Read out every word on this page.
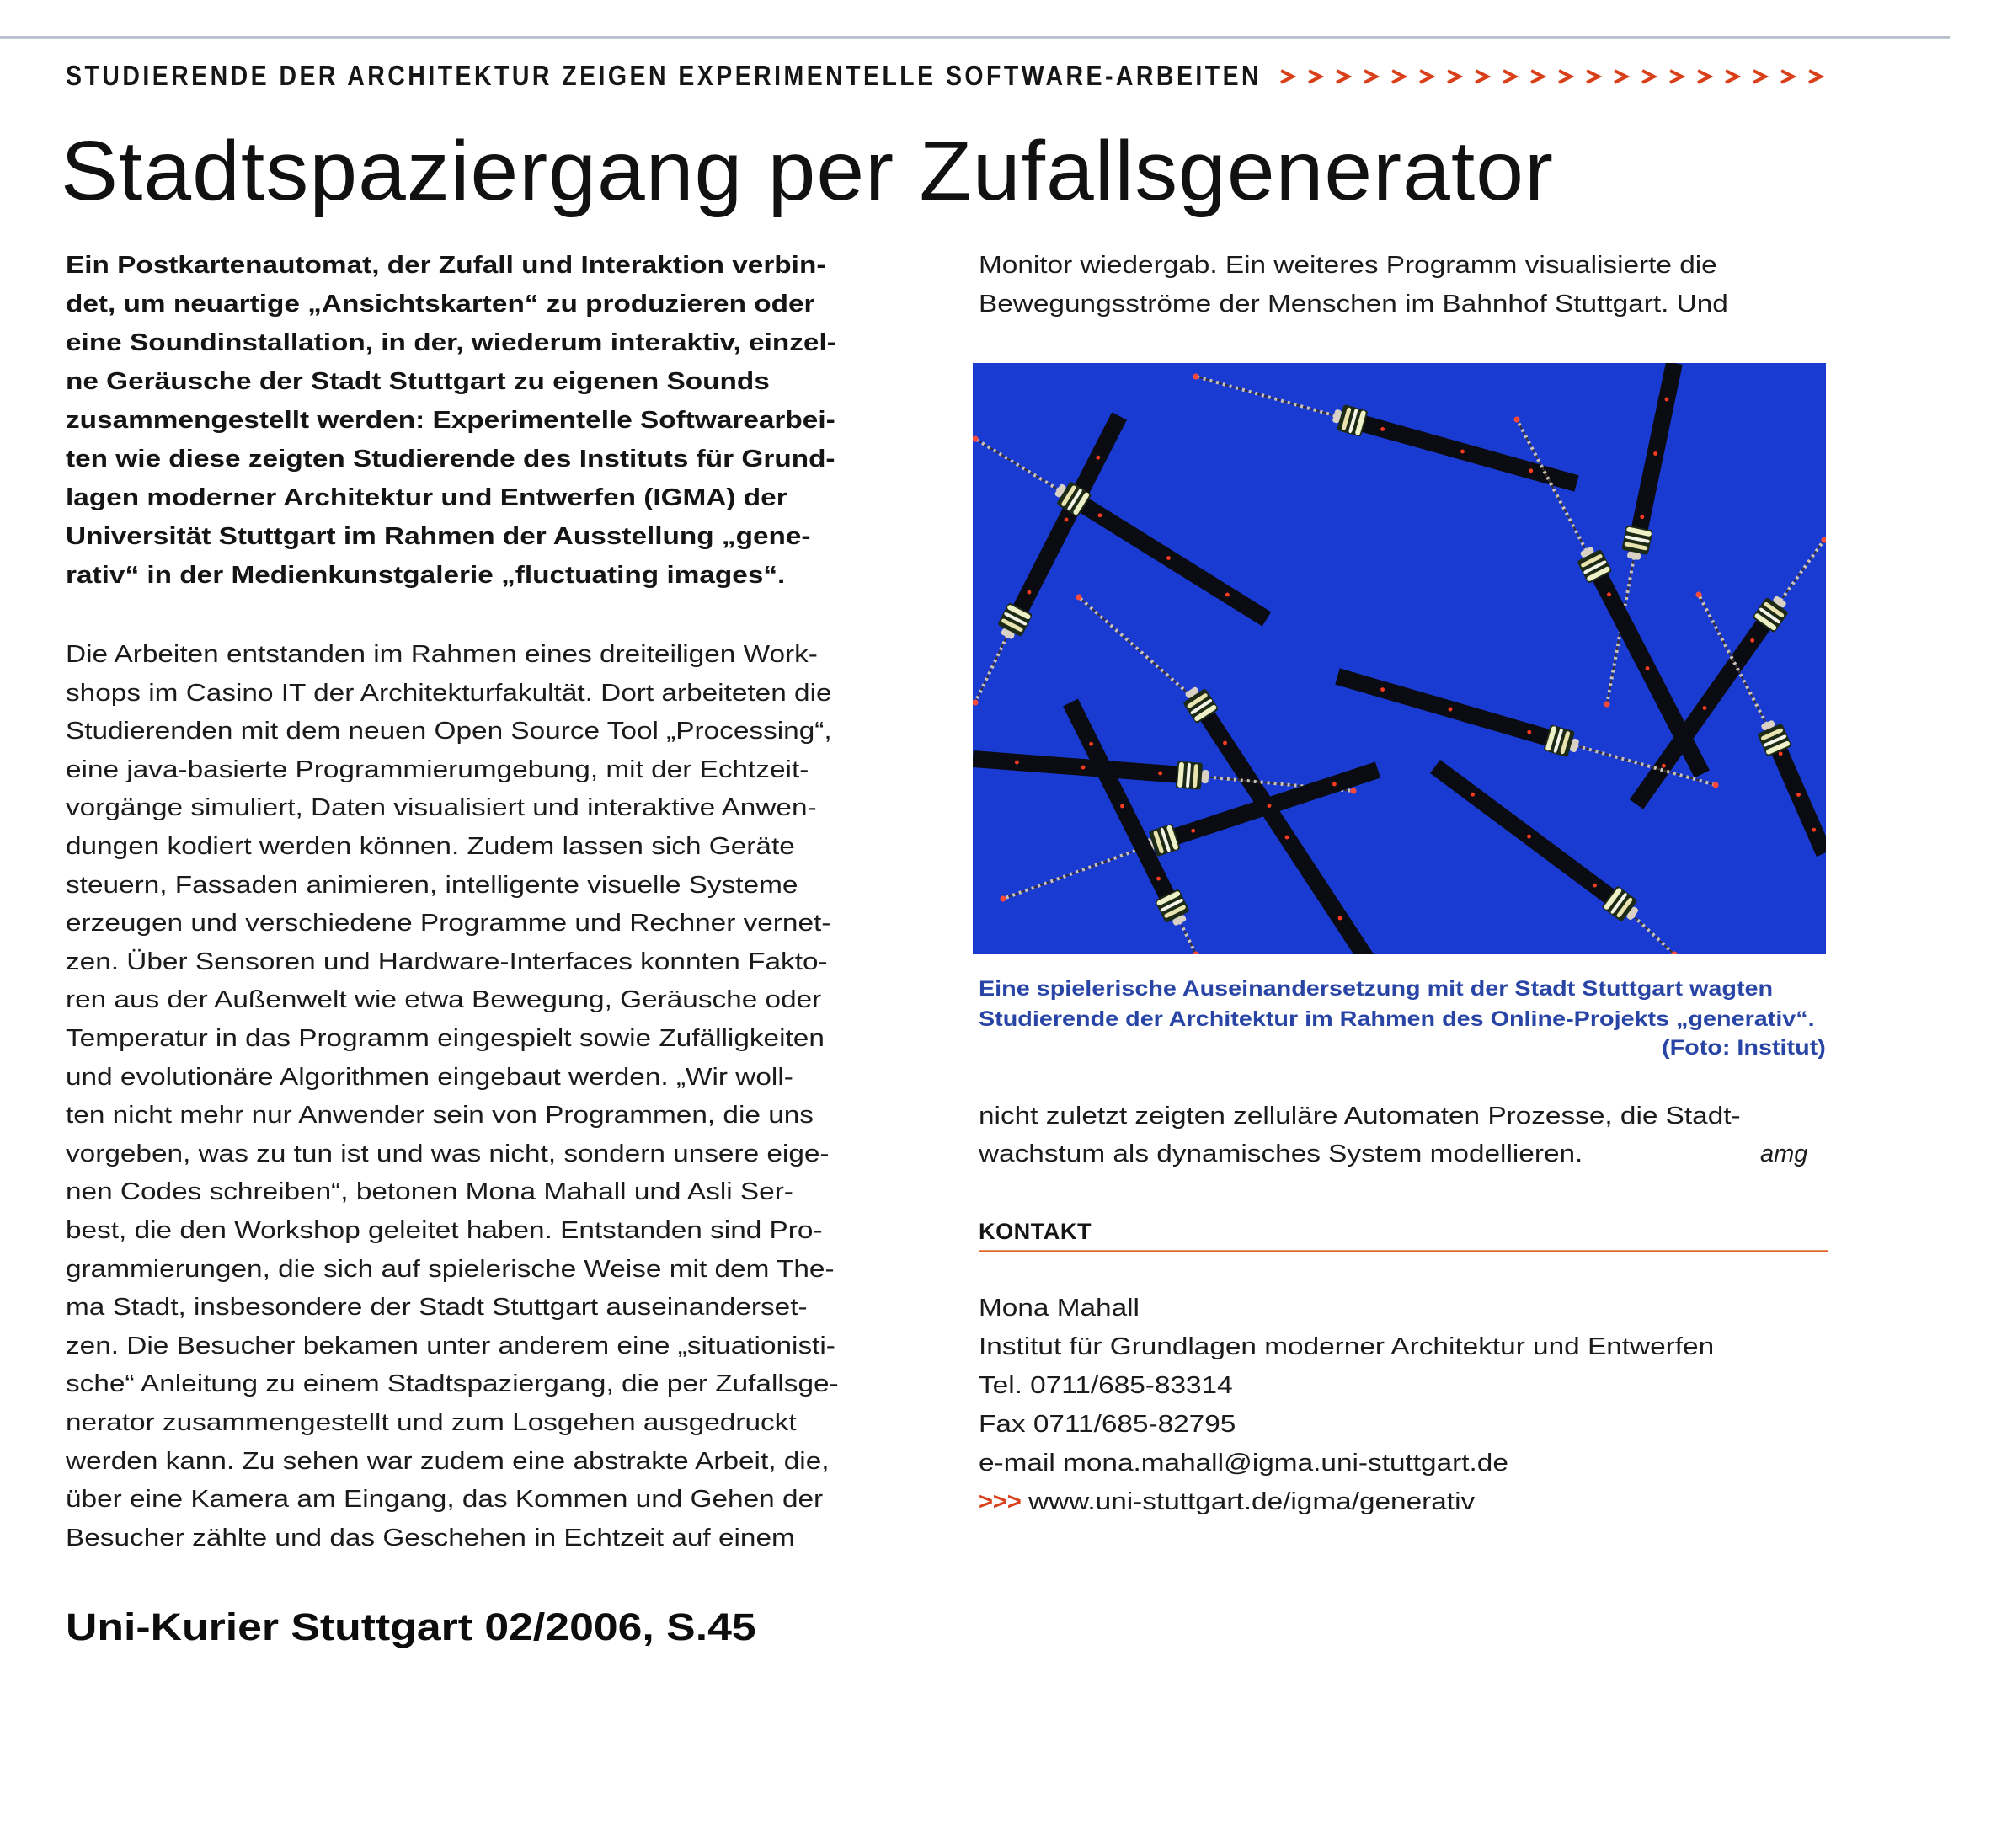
STUDIERENDE DER ARCHITEKTUR ZEIGEN EXPERIMENTELLE SOFTWARE-ARBEITEN
Stadtspaziergang per Zufallsgenerator
Ein Postkartenautomat, der Zufall und Interaktion verbin-
det, um neuartige „Ansichtskarten“ zu produzieren oder
eine Soundinstallation, in der, wiederum interaktiv, einzel-
ne Geräusche der Stadt Stuttgart zu eigenen Sounds
zusammengestellt werden: Experimentelle Softwarearbei-
ten wie diese zeigten Studierende des Instituts für Grund-
lagen moderner Architektur und Entwerfen (IGMA) der
Universität Stuttgart im Rahmen der Ausstellung „gene-
rativ“ in der Medienkunstgalerie „fluctuating images“.
Die Arbeiten entstanden im Rahmen eines dreiteiligen Work-
shops im Casino IT der Architekturfakultät. Dort arbeiteten die
Studierenden mit dem neuen Open Source Tool „Processing“,
eine java-basierte Programmierumgebung, mit der Echtzeit-
vorgänge simuliert, Daten visualisiert und interaktive Anwen-
dungen kodiert werden können. Zudem lassen sich Geräte
steuern, Fassaden animieren, intelligente visuelle Systeme
erzeugen und verschiedene Programme und Rechner vernet-
zen. Über Sensoren und Hardware-Interfaces konnten Fakto-
ren aus der Außenwelt wie etwa Bewegung, Geräusche oder
Temperatur in das Programm eingespielt sowie Zufälligkeiten
und evolutionäre Algorithmen eingebaut werden. „Wir woll-
ten nicht mehr nur Anwender sein von Programmen, die uns
vorgeben, was zu tun ist und was nicht, sondern unsere eige-
nen Codes schreiben“, betonen Mona Mahall und Asli Ser-
best, die den Workshop geleitet haben. Entstanden sind Pro-
grammierungen, die sich auf spielerische Weise mit dem The-
ma Stadt, insbesondere der Stadt Stuttgart auseinanderset-
zen. Die Besucher bekamen unter anderem eine „situationisti-
sche“ Anleitung zu einem Stadtspaziergang, die per Zufallsge-
nerator zusammengestellt und zum Losgehen ausgedruckt
werden kann. Zu sehen war zudem eine abstrakte Arbeit, die,
über eine Kamera am Eingang, das Kommen und Gehen der
Besucher zählte und das Geschehen in Echtzeit auf einem
Monitor wiedergab. Ein weiteres Programm visualisierte die
Bewegungsströme der Menschen im Bahnhof Stuttgart. Und
Eine spielerische Auseinandersetzung mit der Stadt Stuttgart wagten
Studierende der Architektur im Rahmen des Online-Projekts „generativ“.
(Foto: Institut)
nicht zuletzt zeigten zelluläre Automaten Prozesse, die Stadt-
wachstum als dynamisches System modellieren.	amg
KONTAKT
Mona Mahall
Institut für Grundlagen moderner Architektur und Entwerfen
Tel. 0711/685-83314
Fax 0711/685-82795
e-mail mona.mahall@igma.uni-stuttgart.de
>>> www.uni-stuttgart.de/igma/generativ
Uni-Kurier Stuttgart 02/2006, S.45
